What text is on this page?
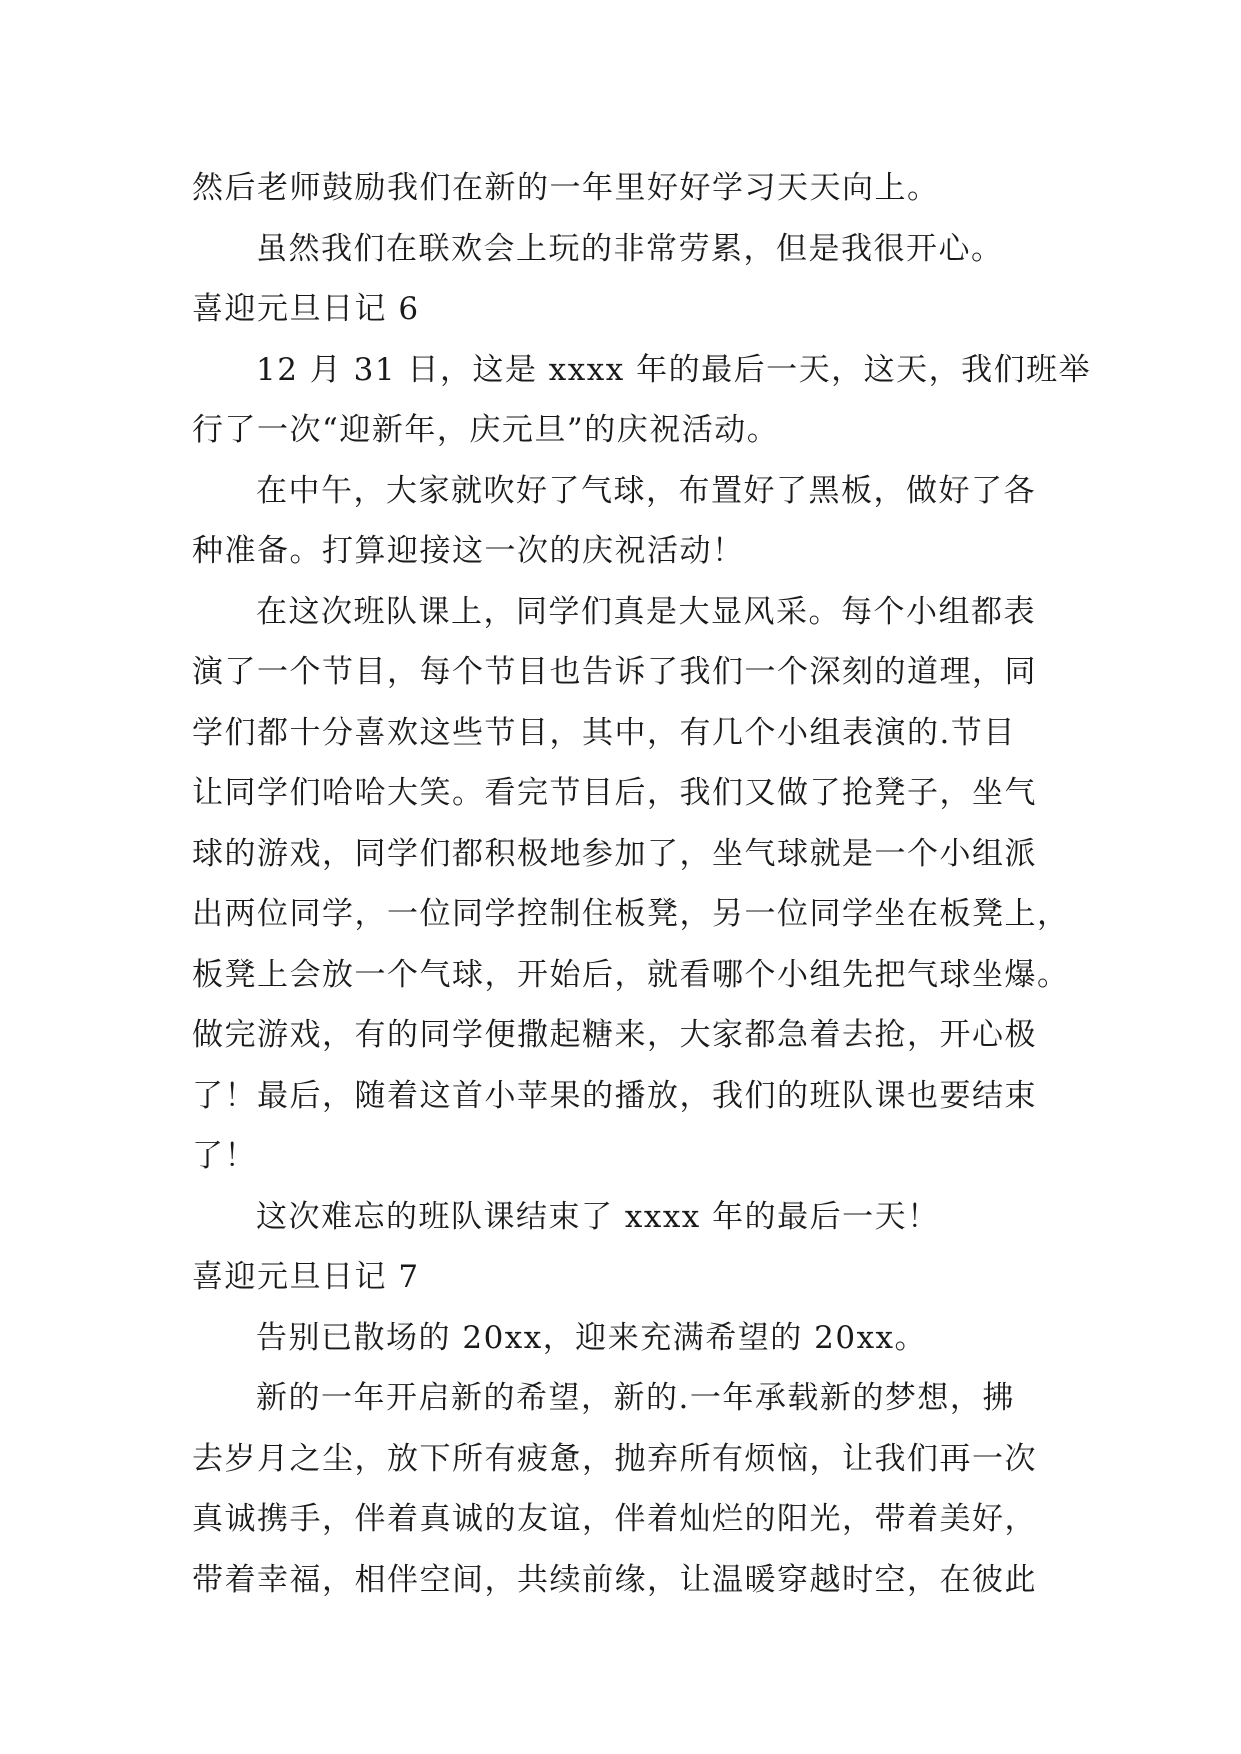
然后老师鼓励我们在新的一年里好好学习天天向上。
虽然我们在联欢会上玩的非常劳累，但是我很开心。
喜迎元旦日记 6
12 月 31 日，这是 xxxx 年的最后一天，这天，我们班举
行了一次“迎新年，庆元旦”的庆祝活动。
在中午，大家就吹好了气球，布置好了黑板，做好了各
种准备。打算迎接这一次的庆祝活动！
在这次班队课上，同学们真是大显风采。每个小组都表
演了一个节目，每个节目也告诉了我们一个深刻的道理，同
学们都十分喜欢这些节目，其中，有几个小组表演的.节目
让同学们哈哈大笑。看完节目后，我们又做了抢凳子，坐气
球的游戏，同学们都积极地参加了，坐气球就是一个小组派
出两位同学，一位同学控制住板凳，另一位同学坐在板凳上，
板凳上会放一个气球，开始后，就看哪个小组先把气球坐爆。
做完游戏，有的同学便撒起糖来，大家都急着去抢，开心极
了！最后，随着这首小苹果的播放，我们的班队课也要结束
了！
这次难忘的班队课结束了 xxxx 年的最后一天！
喜迎元旦日记 7
告别已散场的 20xx，迎来充满希望的 20xx。
新的一年开启新的希望，新的.一年承载新的梦想，拂
去岁月之尘，放下所有疲惫，抛弃所有烦恼，让我们再一次
真诚携手，伴着真诚的友谊，伴着灿烂的阳光，带着美好，
带着幸福，相伴空间，共续前缘，让温暖穿越时空，在彼此
